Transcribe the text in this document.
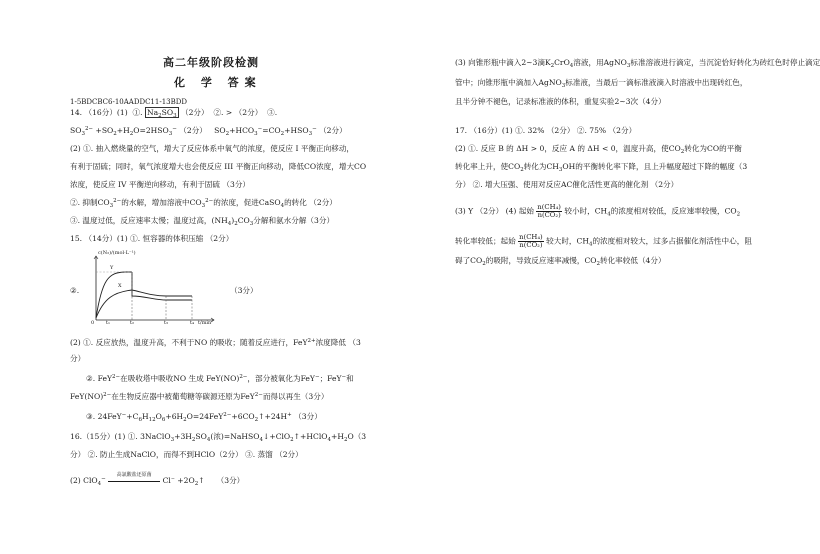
高二年级阶段检测
化 学 答案
1-5BDCBC6-10AADDC11-13BDD
14. （16分）(1) ①. $Na_2SO_3$ （2分） ②. > （2分） ③.
$SO_3^{2-} +SO_2+H_2O=2HSO_3^-$ （2分） $SO_2+HCO_3^-=CO_2+HSO_3^-$ （2分）
(2) ①. 抽入燃烧量的空气，增大了反应体系中氧气的浓度，使反应 I 平衡正向移动，
有利于固硫；同时，氧气浓度增大也会使反应 III 平衡正向移动，降低CO浓度，增大CO
浓度，使反应 IV 平衡逆向移动，有利于固硫 （3分）
②. 抑制$CO_3^{2-}$的水解，增加溶液中$CO_3^{2-}$的浓度，促进CaSO$_4$的转化 （2分）
③. 温度过低，反应速率太慢；温度过高，$(NH_4)_2CO_3$分解和氨水分解（3分）
15. （14分）(1) ①. 恒容器的体积压缩 （2分）
c(N₂)/(mol·L⁻¹)
Y
X
t/min
0 t₁	t₂	t₃	t₄
②.	（3分）
(2) ①. 反应放热，温度升高，不利于NO 的吸收；随着反应进行，FeY$^{2+}$浓度降低 （3
分）
②. FeY$^{2-}$在吸收塔中吸收NO 生成 FeY(NO)$^{2-}$，部分被氧化为FeY−；FeY−和
FeY(NO)$^{2-}$在生物反应器中被葡萄糖等碳源还原为FeY$^{2-}$而得以再生（3分）
③. $24FeY^-+C_6H_{12}O_6+6H_2O=24FeY^{2-}+6CO_2↑+24H^+$ （3分）
16.（15分）(1) ①. $3NaClO_3+3H_2SO_4$(浓)$=NaHSO_4↓+ClO_2↑+HClO_4+H_2O(3$
分） ②. 防止生成NaClO，而得不到HClO（2分） ③. 蒸馏 （2分）
(2) ClO$_4$−
高氯酸盐还原菌
$Cl^- +2O_2↑$ （3分）
(3) 向锥形瓶中滴入2~3滴$K_2CrO_4$溶液，用AgNO$_3$标准溶液进行滴定，当沉淀恰好转化为砖红色时停止滴定
管中；向锥形瓶中滴加入AgNO$_3$标准液，当最后一滴标准液滴入时溶液中出现砖红色，
且半分钟不褪色，记录标准液的体积，重复实验2~3次（4分）
17. （16分）(1) ①. 32% （2分） ②. 75% （2分）
(2) ①. 反应 B 的 ΔH > 0，反应 A 的 ΔH < 0，温度升高，使$CO_2$转化为CO的平衡
转化率上升，使$CO_2$转化为$CH_3OH$的平衡转化率下降，且上升幅度超过下降的幅度（3
分） ②. 增大压强、使用对反应AC催化活性更高的催化剂 （2分）
(3) Y （2分） (4) 起始 $\frac{\text{n(CH₄)}}{\text{n(CO₂)}}$ 较小时，$CH_4$的浓度相对较低，反应速率较慢，$CO_2$
转化率较低；起始 $\frac{\text{n(CH₄)}}{\text{n(CO₂)}}$ 较大时，$CH_4$的浓度相对较大，过多占据催化剂活性中心，阻
碍了$CO_2$的吸附，导致反应速率减慢，$CO_2$转化率较低（4分）
